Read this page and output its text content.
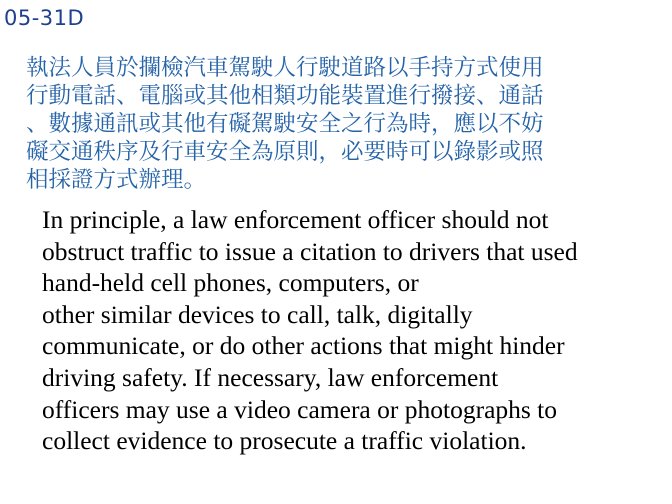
05-31D
執法人員於攔檢汽車駕駛人行駛道路以手持方式使用
行動電話、電腦或其他相類功能裝置進行撥接、通話
、數據通訊或其他有礙駕駛安全之行為時，應以不妨
礙交通秩序及行車安全為原則，必要時可以錄影或照
相採證方式辦理。
In principle, a law enforcement officer should not
obstruct traffic to issue a citation to drivers that used
hand-held cell phones, computers, or
other similar devices to call, talk, digitally
communicate, or do other actions that might hinder
driving safety. If necessary, law enforcement
officers may use a video camera or photographs to
collect evidence to prosecute a traffic violation.
